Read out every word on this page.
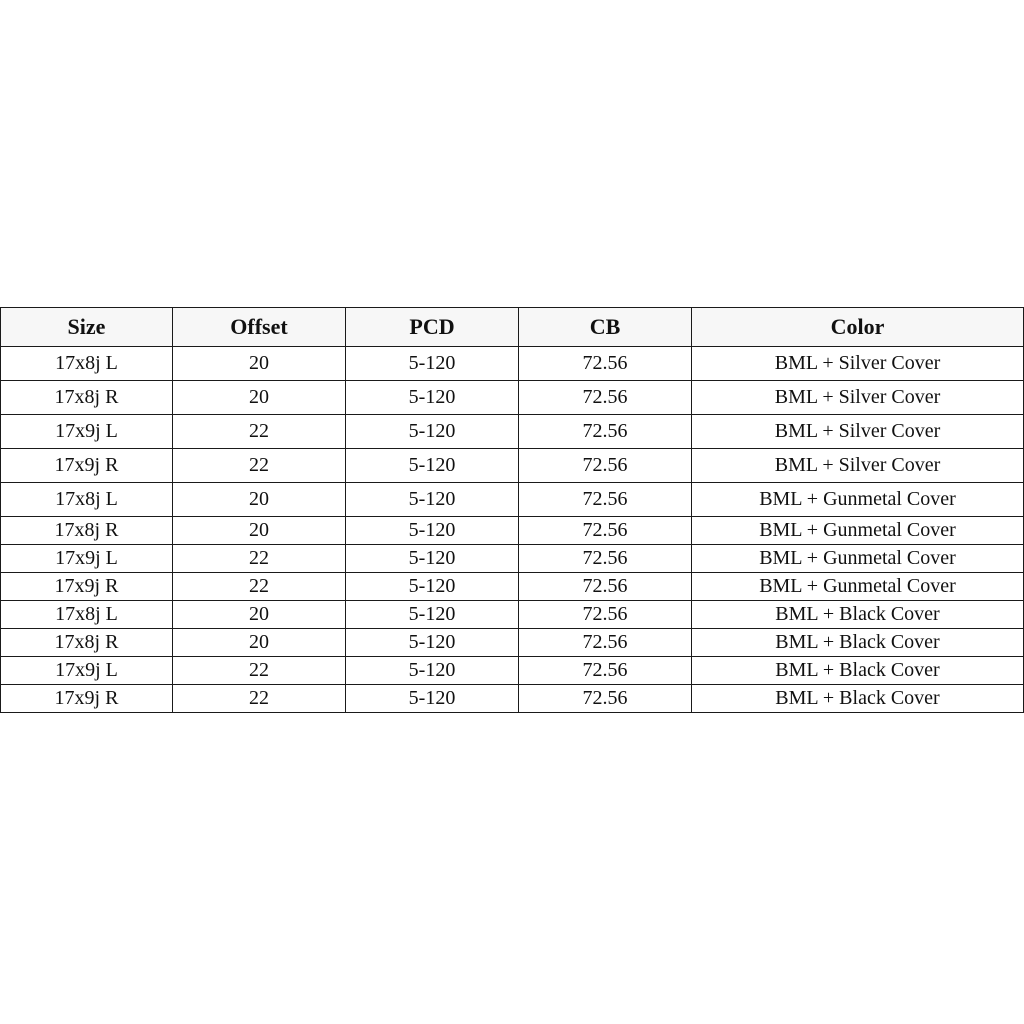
Size	Offset	PCD	CB	Color
17x8j L	20	5-120	72.56	BML + Silver Cover
17x8j R	20	5-120	72.56	BML + Silver Cover
17x9j L	22	5-120	72.56	BML + Silver Cover
17x9j R	22	5-120	72.56	BML + Silver Cover
17x8j L	20	5-120	72.56	BML + Gunmetal Cover
17x8j R	20	5-120	72.56	BML + Gunmetal Cover
17x9j L	22	5-120	72.56	BML + Gunmetal Cover
17x9j R	22	5-120	72.56	BML + Gunmetal Cover
17x8j L	20	5-120	72.56	BML + Black Cover
17x8j R	20	5-120	72.56	BML + Black Cover
17x9j L	22	5-120	72.56	BML + Black Cover
17x9j R	22	5-120	72.56	BML + Black Cover
